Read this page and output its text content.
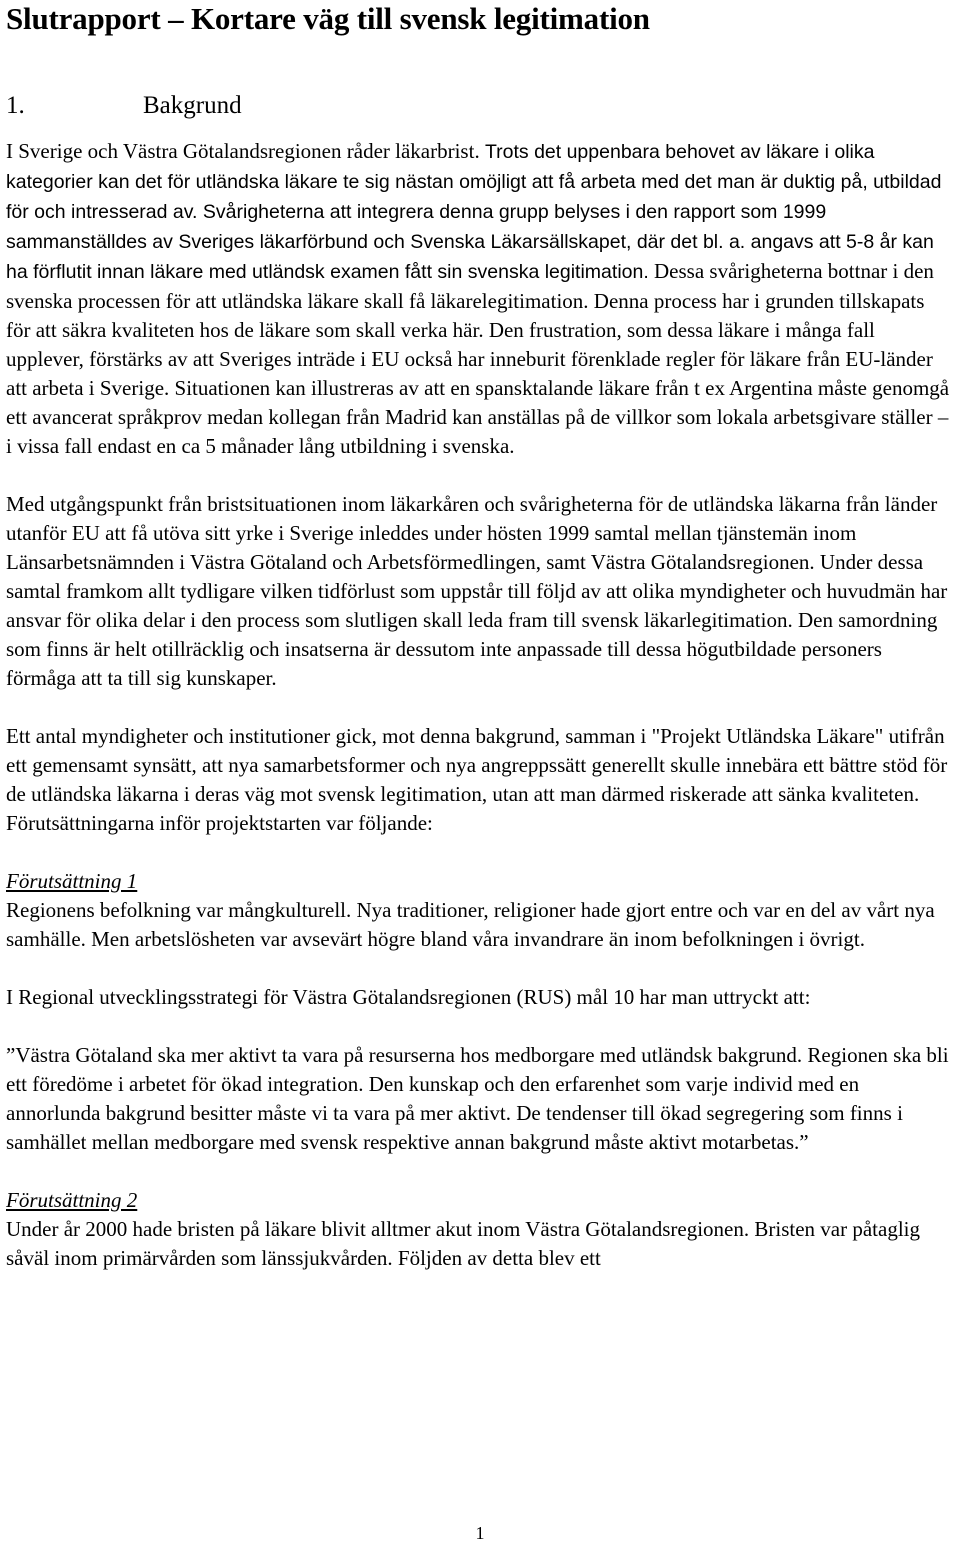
Slutrapport – Kortare väg till svensk legitimation
1.	Bakgrund

I Sverige och Västra Götalandsregionen råder läkarbrist. Trots det uppenbara behovet av läkare i olika kategorier kan det för utländska läkare te sig nästan omöjligt att få arbeta med det man är duktig på, utbildad för och intresserad av. Svårigheterna att integrera denna grupp belyses i den rapport som 1999 sammanställdes av Sveriges läkarförbund och Svenska Läkarsällskapet, där det bl. a. angavs att 5-8 år kan ha förflutit innan läkare med utländsk examen fått sin svenska legitimation. Dessa svårigheterna bottnar i den svenska processen för att utländska läkare skall få läkarelegitimation. Denna process har i grunden tillskapats för att säkra kvaliteten hos de läkare som skall verka här. Den frustration, som dessa läkare i många fall upplever, förstärks av att Sveriges inträde i EU också har inneburit förenklade regler för läkare från EU-länder att arbeta i Sverige. Situationen kan illustreras av att en spansktalande läkare från t ex Argentina måste genomgå ett avancerat språkprov medan kollegan från Madrid kan anställas på de villkor som lokala arbetsgivare ställer – i vissa fall endast en ca 5 månader lång utbildning i svenska.

Med utgångspunkt från bristsituationen inom läkarkåren och svårigheterna för de utländska läkarna från länder utanför EU att få utöva sitt yrke i Sverige inleddes under hösten 1999 samtal mellan tjänstemän inom Länsarbetsnämnden i Västra Götaland och Arbetsförmedlingen, samt Västra Götalandsregionen. Under dessa samtal framkom allt tydligare vilken tidförlust som uppstår till följd av att olika myndigheter och huvudmän har ansvar för olika delar i den process som slutligen skall leda fram till svensk läkarlegitimation. Den samordning som finns är helt otillräcklig och insatserna är dessutom inte anpassade till dessa högutbildade personers förmåga att ta till sig kunskaper.

Ett antal myndigheter och institutioner gick, mot denna bakgrund, samman i "Projekt Utländska Läkare" utifrån ett gemensamt synsätt, att nya samarbetsformer och nya angreppssätt generellt skulle innebära ett bättre stöd för de utländska läkarna i deras väg mot svensk legitimation, utan att man därmed riskerade att sänka kvaliteten. Förutsättningarna inför projektstarten var följande:

Förutsättning 1

Regionens befolkning var mångkulturell. Nya traditioner, religioner hade gjort entre och var en del av vårt nya samhälle. Men arbetslösheten var avsevärt högre bland våra invandrare än inom befolkningen i övrigt.

I Regional utvecklingsstrategi för Västra Götalandsregionen (RUS) mål 10 har man uttryckt att:

”Västra Götaland ska mer aktivt ta vara på resurserna hos medborgare med utländsk bakgrund. Regionen ska bli ett föredöme i arbetet för ökad integration. Den kunskap och den erfarenhet som varje individ med en annorlunda bakgrund besitter måste vi ta vara på mer aktivt. De tendenser till ökad segregering som finns i samhället mellan medborgare med svensk respektive annan bakgrund måste aktivt motarbetas.”

Förutsättning 2

Under år 2000 hade bristen på läkare blivit alltmer akut inom Västra Götalandsregionen. Bristen var påtaglig såväl inom primärvården som länssjukvården. Följden av detta blev ett

1
